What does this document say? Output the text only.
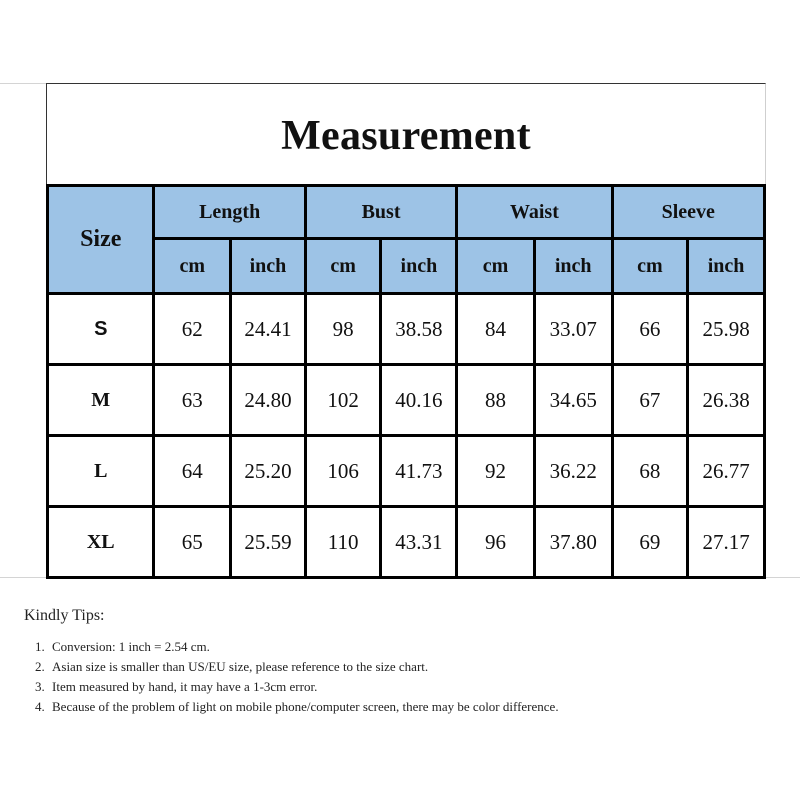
Measurement
Size	Length		Bust		Waist		Sleeve	
	cm	inch	cm	inch	cm	inch	cm	inch
S	62	24.41	98	38.58	84	33.07	66	25.98
M	63	24.80	102	40.16	88	34.65	67	26.38
L	64	25.20	106	41.73	92	36.22	68	26.77
XL	65	25.59	110	43.31	96	37.80	69	27.17
Kindly Tips:
1. Conversion: 1 inch = 2.54 cm.
2. Asian size is smaller than US/EU size, please reference to the size chart.
3. Item measured by hand, it may have a 1-3cm error.
4. Because of the problem of light on mobile phone/computer screen, there may be color difference.
